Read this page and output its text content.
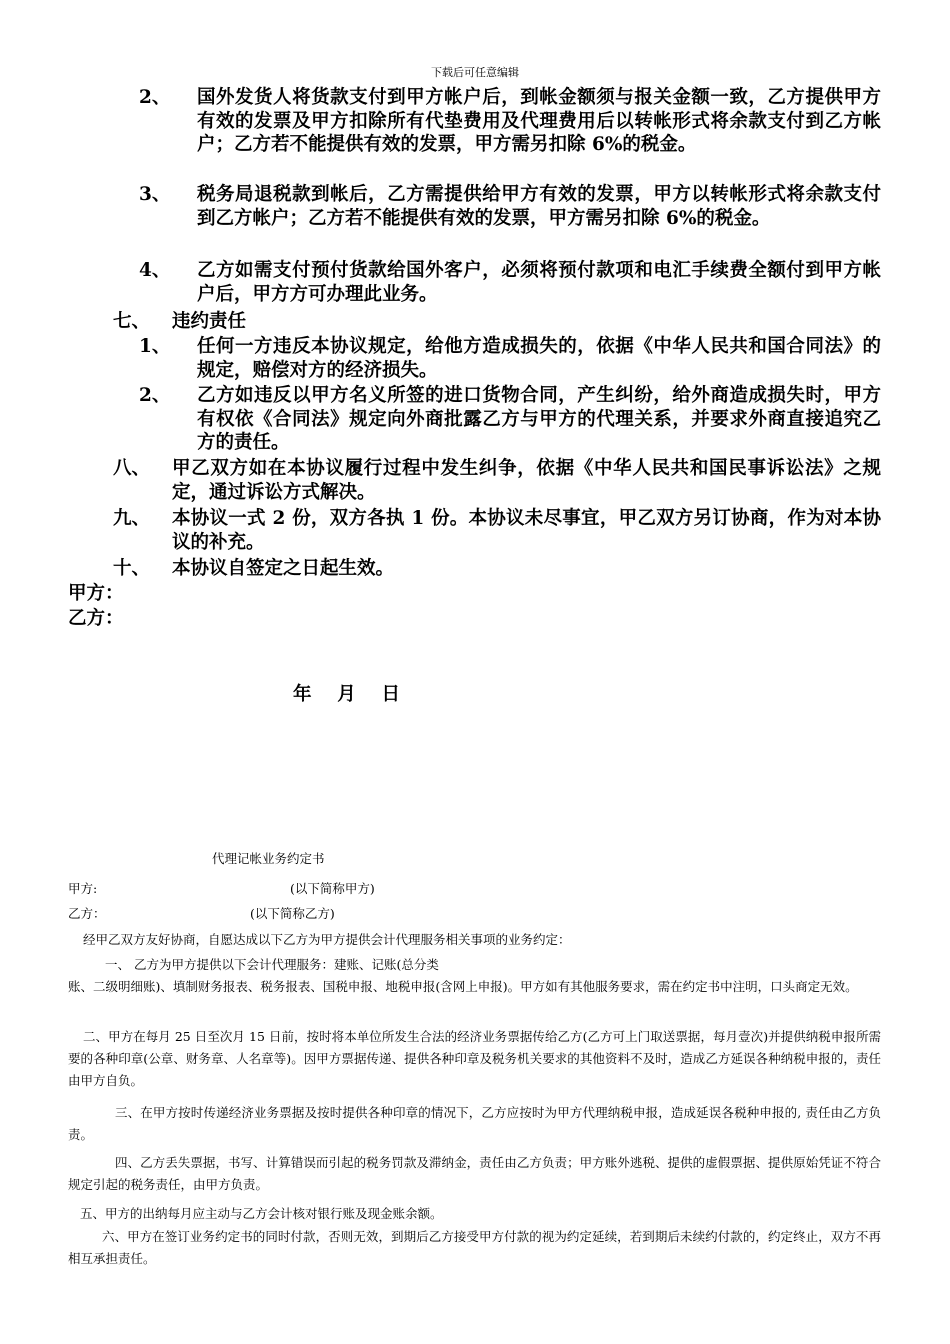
下载后可任意编辑
2、 国外发货人将货款支付到甲方帐户后，到帐金额须与报关金额一致，乙方提供甲方有效的发票及甲方扣除所有代垫费用及代理费用后以转帐形式将余款支付到乙方帐户；乙方若不能提供有效的发票，甲方需另扣除 6%的税金。
3、 税务局退税款到帐后，乙方需提供给甲方有效的发票，甲方以转帐形式将余款支付到乙方帐户；乙方若不能提供有效的发票，甲方需另扣除 6%的税金。
4、 乙方如需支付预付货款给国外客户，必须将预付款项和电汇手续费全额付到甲方帐户后，甲方方可办理此业务。
七、 违约责任
1、 任何一方违反本协议规定，给他方造成损失的，依据《中华人民共和国合同法》的规定，赔偿对方的经济损失。
2、 乙方如违反以甲方名义所签的进口货物合同，产生纠纷，给外商造成损失时，甲方有权依《合同法》规定向外商批露乙方与甲方的代理关系，并要求外商直接追究乙方的责任。
八、 甲乙双方如在本协议履行过程中发生纠争，依据《中华人民共和国民事诉讼法》之规定，通过诉讼方式解决。
九、 本协议一式 2 份，双方各执 1 份。本协议未尽事宜，甲乙双方另订协商，作为对本协议的补充。
十、 本协议自签定之日起生效。
甲方：
乙方：
年    月    日
代理记帐业务约定书
甲方:	(以下简称甲方)
乙方：	(以下简称乙方)
经甲乙双方友好协商，自愿达成以下乙方为甲方提供会计代理服务相关事项的业务约定：
一、 乙方为甲方提供以下会计代理服务：建账、记账(总分类
账、二级明细账)、填制财务报表、税务报表、国税申报、地税申报(含网上申报)。甲方如有其他服务要求，需在约定书中注明，口头商定无效。
二、甲方在每月 25 日至次月 15 日前，按时将本单位所发生合法的经济业务票据传给乙方(乙方可上门取送票据，每月壹次)并提供纳税申报所需要的各种印章(公章、财务章、人名章等)。因甲方票据传递、提供各种印章及税务机关要求的其他资料不及时，造成乙方延误各种纳税申报的，责任由甲方自负。
三、在甲方按时传递经济业务票据及按时提供各种印章的情况下，乙方应按时为甲方代理纳税申报，造成延误各税种申报的, 责任由乙方负责。
四、乙方丢失票据，书写、计算错误而引起的税务罚款及滞纳金，责任由乙方负责；甲方账外逃税、提供的虚假票据、提供原始凭证不符合规定引起的税务责任，由甲方负责。
五、甲方的出纳每月应主动与乙方会计核对银行账及现金账余额。
六、甲方在签订业务约定书的同时付款，否则无效，到期后乙方接受甲方付款的视为约定延续，若到期后未续约付款的，约定终止，双方不再相互承担责任。
